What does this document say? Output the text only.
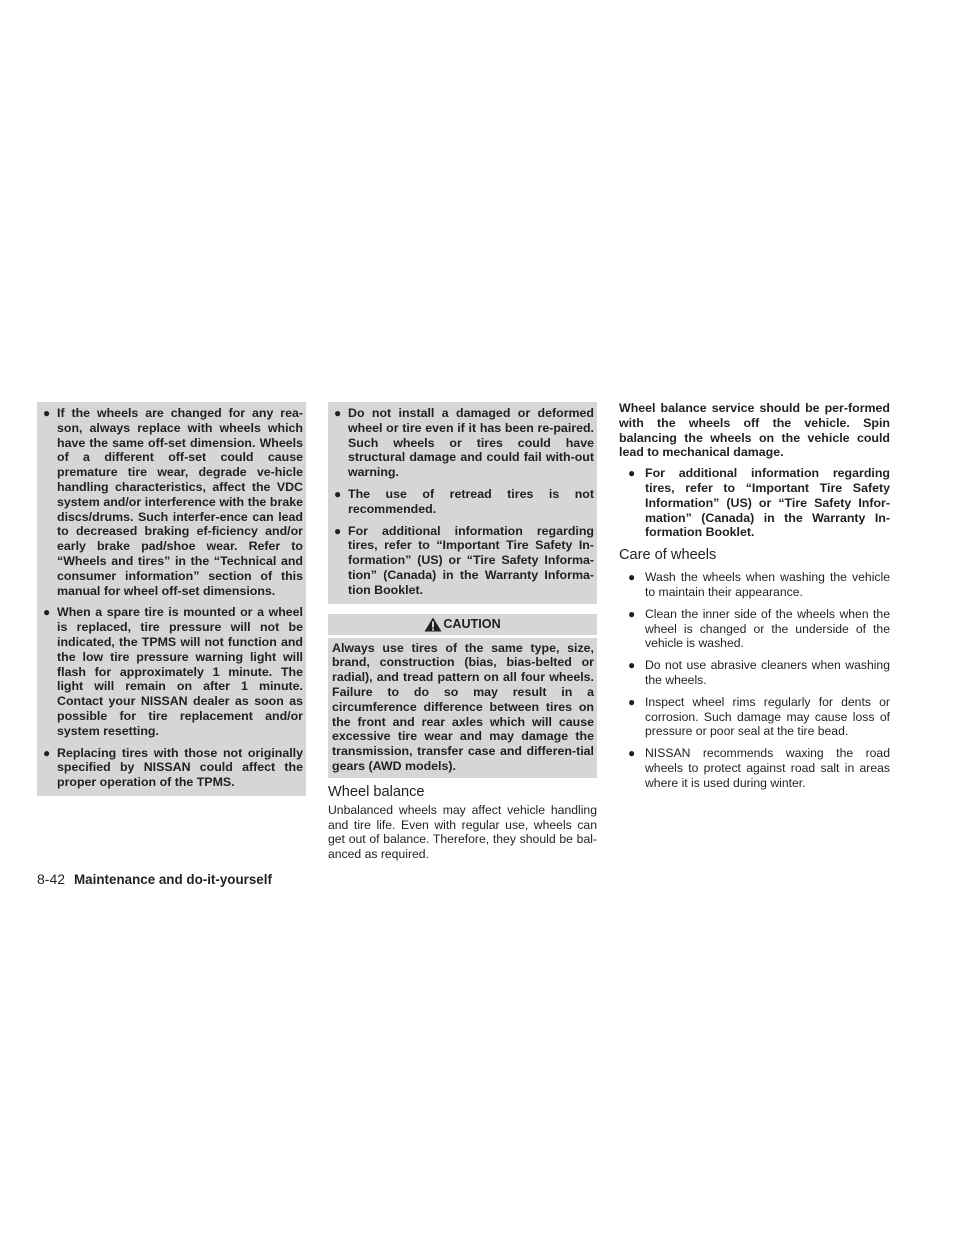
● If the wheels are changed for any rea-son, always replace with wheels which have the same off-set dimension. Wheels of a different off-set could cause premature tire wear, degrade ve-hicle handling characteristics, affect the VDC system and/or interference with the brake discs/drums. Such interfer-ence can lead to decreased braking ef-ficiency and/or early brake pad/shoe wear. Refer to “Wheels and tires” in the “Technical and consumer information” section of this manual for wheel off-set dimensions.
● When a spare tire is mounted or a wheel is replaced, tire pressure will not be indicated, the TPMS will not function and the low tire pressure warning light will flash for approximately 1 minute. The light will remain on after 1 minute. Contact your NISSAN dealer as soon as possible for tire replacement and/or system resetting.
● Replacing tires with those not originally specified by NISSAN could affect the proper operation of the TPMS.
● Do not install a damaged or deformed wheel or tire even if it has been re-paired. Such wheels or tires could have structural damage and could fail with-out warning.
● The use of retread tires is not recommended.
● For additional information regarding tires, refer to “Important Tire Safety In-formation” (US) or “Tire Safety Informa-tion” (Canada) in the Warranty Informa-tion Booklet.
CAUTION
Always use tires of the same type, size, brand, construction (bias, bias-belted or radial), and tread pattern on all four wheels. Failure to do so may result in a circumference difference between tires on the front and rear axles which will cause excessive tire wear and may damage the transmission, transfer case and differen-tial gears (AWD models).
Wheel balance

Unbalanced wheels may affect vehicle handling and tire life. Even with regular use, wheels can get out of balance. Therefore, they should be bal-anced as required.

Wheel balance service should be per-formed with the wheels off the vehicle. Spin balancing the wheels on the vehicle could lead to mechanical damage.

● For additional information regarding tires, refer to “Important Tire Safety Information” (US) or “Tire Safety Infor-mation” (Canada) in the Warranty In-formation Booklet.
Care of wheels
● Wash the wheels when washing the vehicle to maintain their appearance.
● Clean the inner side of the wheels when the wheel is changed or the underside of the vehicle is washed.
● Do not use abrasive cleaners when washing the wheels.
● Inspect wheel rims regularly for dents or corrosion. Such damage may cause loss of pressure or poor seal at the tire bead.
● NISSAN recommends waxing the road wheels to protect against road salt in areas where it is used during winter.
8-42 Maintenance and do-it-yourself
